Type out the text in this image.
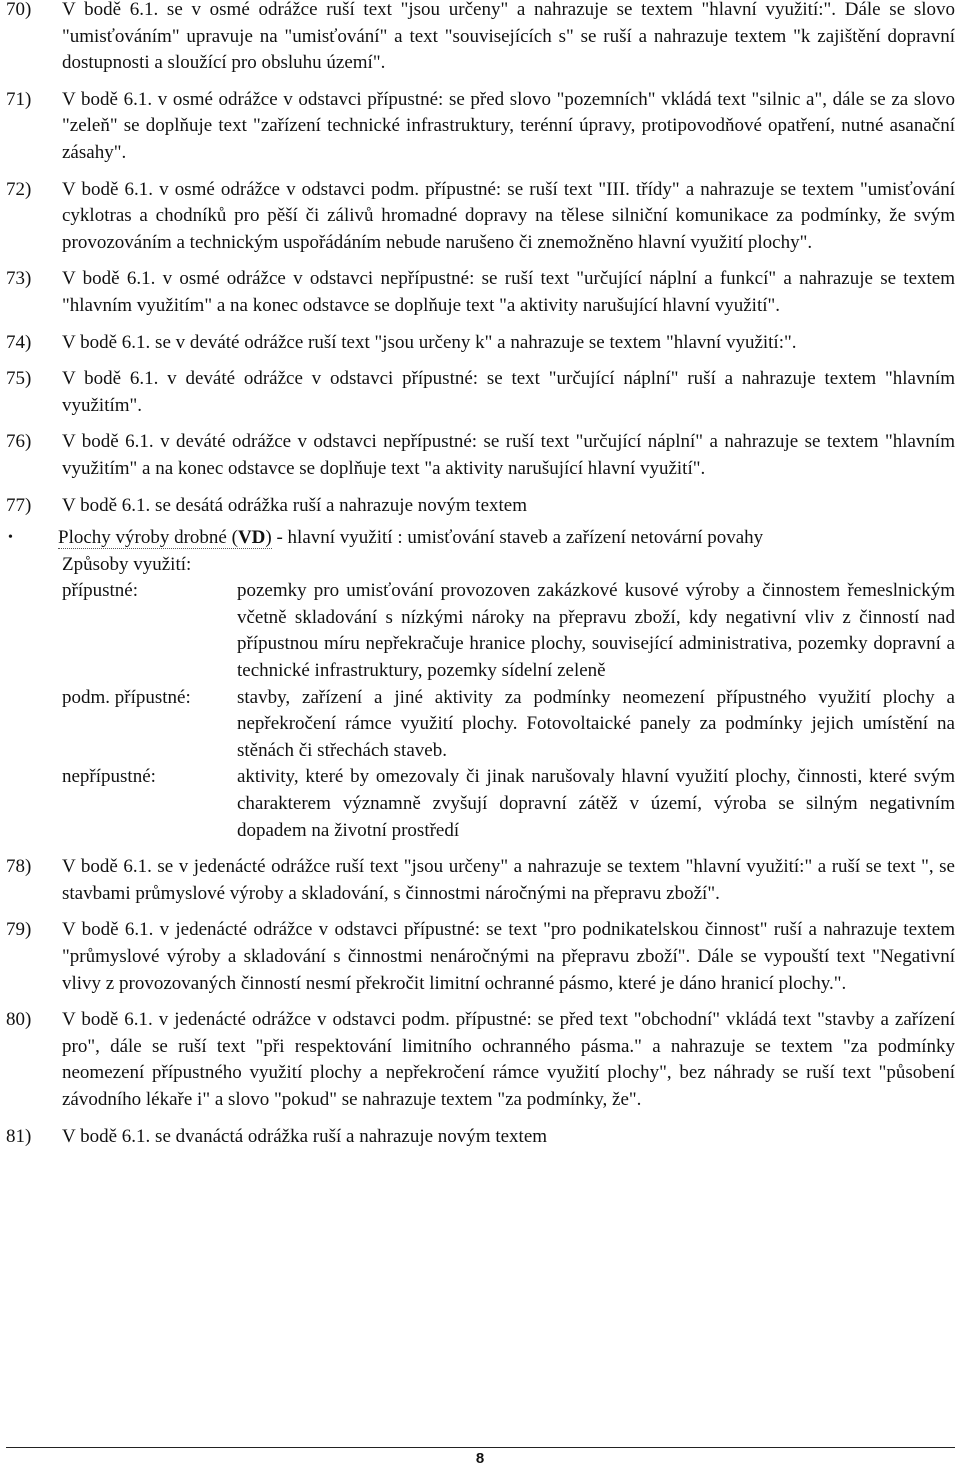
70)	V bodě 6.1. se v osmé odrážce ruší text "jsou určeny" a nahrazuje se textem "hlavní využití:". Dále se slovo "umisťováním" upravuje na "umisťování" a text "souvisejících s" se ruší a nahrazuje textem "k zajištění dopravní dostupnosti a sloužící pro obsluhu území".
71)	V bodě 6.1. v osmé odrážce v odstavci přípustné: se před slovo "pozemních" vkládá text "silnic a", dále se za slovo "zeleň" se doplňuje text "zařízení technické infrastruktury, terénní úpravy, protipovodňové opatření, nutné asanační zásahy".
72)	V bodě 6.1. v osmé odrážce v odstavci podm. přípustné: se ruší text "III. třídy" a nahrazuje se textem "umisťování cyklotras a chodníků pro pěší či zálivů hromadné dopravy na tělese silniční komunikace za podmínky, že svým provozováním a technickým uspořádáním nebude narušeno či znemožněno hlavní využití plochy".
73)	V bodě 6.1. v osmé odrážce v odstavci nepřípustné: se ruší text "určující náplní a funkcí" a nahrazuje se textem "hlavním využitím" a na konec odstavce se doplňuje text "a aktivity narušující hlavní využití".
74)	V bodě 6.1. se v deváté odrážce ruší text "jsou určeny k" a nahrazuje se textem "hlavní využití:".
75)	V bodě 6.1. v deváté odrážce v odstavci přípustné: se text "určující náplní" ruší a nahrazuje textem "hlavním využitím".
76)	V bodě 6.1. v deváté odrážce v odstavci nepřípustné: se ruší text "určující náplní" a nahrazuje se textem "hlavním využitím" a na konec odstavce se doplňuje text "a aktivity narušující hlavní využití".
77)	V bodě 6.1. se desátá odrážka ruší a nahrazuje novým textem
•	Plochy výroby drobné (VD) - hlavní využití : umisťování staveb a zařízení netovární povahy
Způsoby využití:
přípustné:	pozemky pro umisťování provozoven zakázkové kusové výroby a činnostem řemeslnickým včetně skladování s nízkými nároky na přepravu zboží, kdy negativní vliv z činností nad přípustnou míru nepřekračuje hranice plochy, související administrativa, pozemky dopravní a technické infrastruktury, pozemky sídelní zeleně
podm. přípustné:	stavby, zařízení a jiné aktivity za podmínky neomezení přípustného využití plochy a nepřekročení rámce využití plochy. Fotovoltaické panely za podmínky jejich umístění na stěnách či střechách staveb.
nepřípustné:	aktivity, které by omezovaly či jinak narušovaly hlavní využití plochy, činnosti, které svým charakterem významně zvyšují dopravní zátěž v území, výroba se silným negativním dopadem na životní prostředí
78)	V bodě 6.1. se v jedenácté odrážce ruší text "jsou určeny" a nahrazuje se textem "hlavní využití:" a ruší se text ", se stavbami průmyslové výroby a skladování, s činnostmi náročnými na přepravu zboží".
79)	V bodě 6.1. v jedenácté odrážce v odstavci přípustné: se text "pro podnikatelskou činnost" ruší a nahrazuje textem "průmyslové výroby a skladování s činnostmi nenáročnými na přepravu zboží". Dále se vypouští text "Negativní vlivy z provozovaných činností nesmí překročit limitní ochranné pásmo, které je dáno hranicí plochy.".
80)	V bodě 6.1. v jedenácté odrážce v odstavci podm. přípustné: se před text "obchodní" vkládá text "stavby a zařízení pro", dále se ruší text "při respektování limitního ochranného pásma." a nahrazuje se textem "za podmínky neomezení přípustného využití plochy a nepřekročení rámce využití plochy", bez náhrady se ruší text "působení závodního lékaře i" a slovo "pokud" se nahrazuje textem "za podmínky, že".
81)	V bodě 6.1. se dvanáctá odrážka ruší a nahrazuje novým textem
8
